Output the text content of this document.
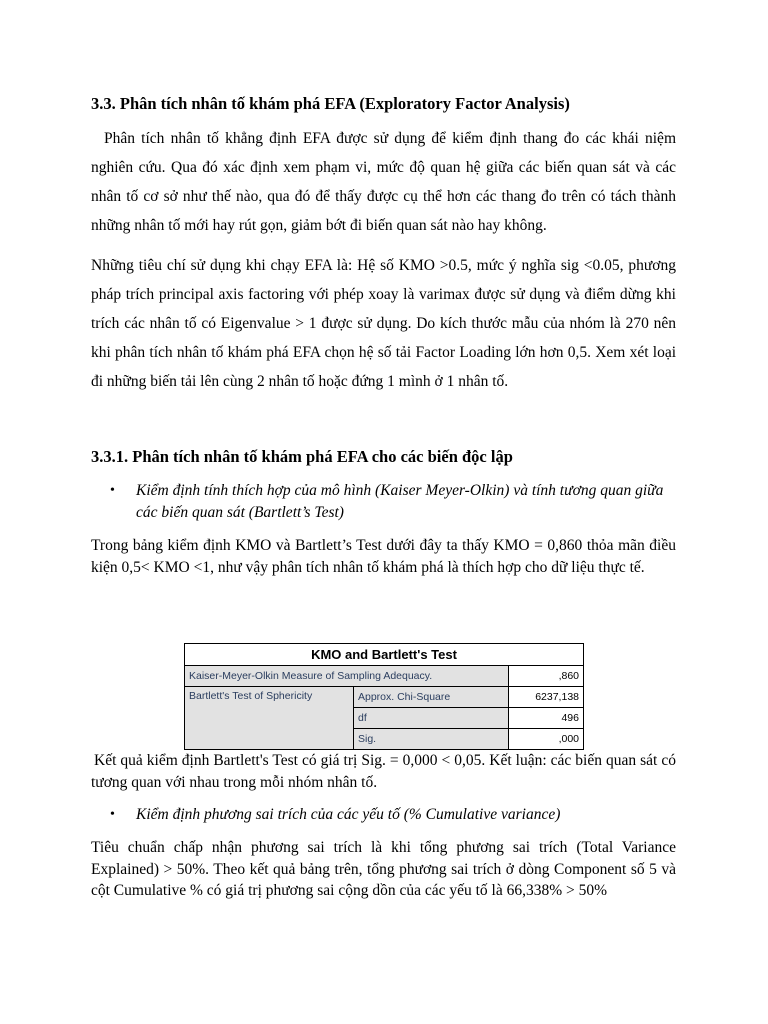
3.3. Phân tích nhân tố khám phá EFA (Exploratory Factor Analysis)

Phân tích nhân tố khẳng định EFA được sử dụng để kiểm định thang đo các khái niệm nghiên cứu. Qua đó xác định xem phạm vi, mức độ quan hệ giữa các biến quan sát và các nhân tố cơ sở như thế nào, qua đó để thấy được cụ thể hơn các thang đo trên có tách thành những nhân tố mới hay rút gọn, giảm bớt đi biến quan sát nào hay không.

Những tiêu chí sử dụng khi chạy EFA là: Hệ số KMO >0.5, mức ý nghĩa sig <0.05, phương pháp trích principal axis factoring với phép xoay là varimax được sử dụng và điểm dừng khi trích các nhân tố có Eigenvalue > 1 được sử dụng. Do kích thước mẫu của nhóm là 270 nên khi phân tích nhân tố khám phá EFA chọn hệ số tải Factor Loading lớn hơn 0,5. Xem xét loại đi những biến tải lên cùng 2 nhân tố hoặc đứng 1 mình ở 1 nhân tố.

3.3.1. Phân tích nhân tố khám phá EFA cho các biến độc lập
• Kiểm định tính thích hợp của mô hình (Kaiser Meyer-Olkin) và tính tương quan giữa các biến quan sát (Bartlett’s Test)

Trong bảng kiểm định KMO và Bartlett’s Test dưới đây ta thấy KMO = 0,860 thỏa mãn điều kiện 0,5< KMO <1, như vậy phân tích nhân tố khám phá là thích hợp cho dữ liệu thực tế.

KMO and Bartlett's Test		
Kaiser-Meyer-Olkin Measure of Sampling Adequacy.		,860
Bartlett's Test of Sphericity	Approx. Chi-Square	6237,138
	df	496
	Sig.	,000

Kết quả kiểm định Bartlett's Test có giá trị Sig. = 0,000 < 0,05. Kết luận: các biến quan sát có tương quan với nhau trong mỗi nhóm nhân tố.

• Kiểm định phương sai trích của các yếu tố (% Cumulative variance)

Tiêu chuẩn chấp nhận phương sai trích là khi tổng phương sai trích (Total Variance Explained) > 50%. Theo kết quả bảng trên, tổng phương sai trích ở dòng Component số 5 và cột Cumulative % có giá trị phương sai cộng dồn của các yếu tố là 66,338% > 50%
